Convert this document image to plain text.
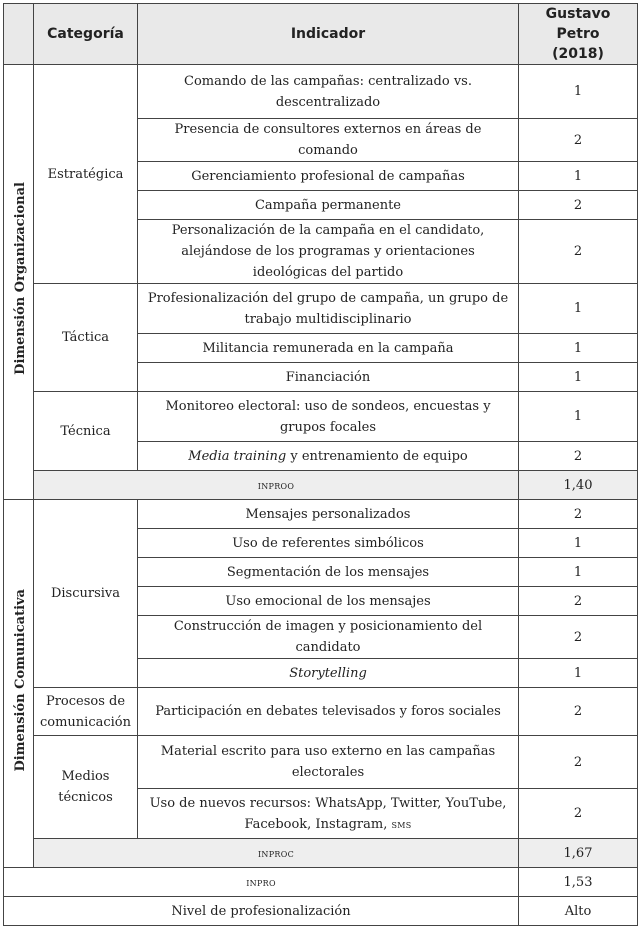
	Categoría	Indicador	Gustavo Petro
(2018)
Dimensión Organizacional	Estratégica	Comando de las campañas: centralizado vs. descentralizado	1
		Presencia de consultores externos en áreas de comando	2
		Gerenciamiento profesional de campañas	1
		Campaña permanente	2
		Personalización de la campaña en el candidato, alejándose de los programas y orientaciones ideológicas del partido	2
	Táctica	Profesionalización del grupo de campaña, un grupo de trabajo multidisciplinario	1
		Militancia remunerada en la campaña	1
		Financiación	1
	Técnica	Monitoreo electoral: uso de sondeos, encuestas y grupos focales	1
		Media training y entrenamiento de equipo	2
	inproo		1,40
Dimensión Comunicativa	Discursiva	Mensajes personalizados	2
		Uso de referentes simbólicos	1
		Segmentación de los mensajes	1
		Uso emocional de los mensajes	2
		Construcción de imagen y posicionamiento del candidato	2
		Storytelling	1
	Procesos de comunicación	Participación en debates televisados y foros sociales	2
	Medios técnicos	Material escrito para uso externo en las campañas electorales	2
		Uso de nuevos recursos: WhatsApp, Twitter, YouTube, Facebook, Instagram, sms	2
	inproc		1,67
inpro			1,53
Nivel de profesionalización			Alto
